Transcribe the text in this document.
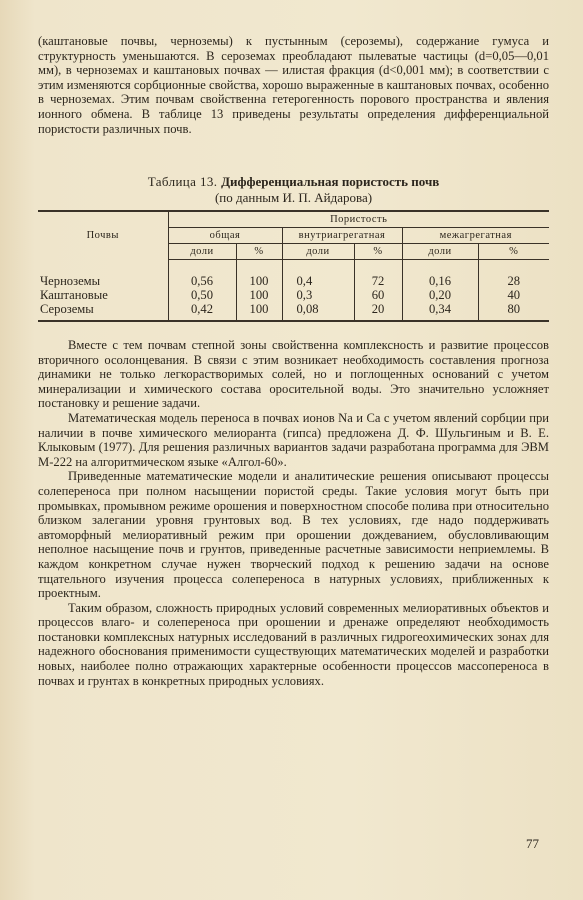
(каштановые почвы, черноземы) к пустынным (сероземы), содержание гумуса и структурность уменьшаются. В сероземах преобладают пылеватые частицы (d=0,05—0,01 мм), в черноземах и каштановых почвах — илистая фракция (d<0,001 мм); в соответствии с этим изменяются сорбционные свойства, хорошо выраженные в каштановых почвах, особенно в черноземах. Этим почвам свойственна гетерогенность порового пространства и явления ионного обмена. В таблице 13 приведены результаты определения дифференциальной пористости различных почв.

Таблица 13. Дифференциальная пористость почв
(по данным И. П. Айдарова)
Почвы	Пористость					
	общая		внутриагрегатная		межагрегатная	
	доли	%	доли	%	доли	%
Черноземы	0,56	100	0,4	72	0,16	28
Каштановые	0,50	100	0,3	60	0,20	40
Сероземы	0,42	100	0,08	20	0,34	80

Вместе с тем почвам степной зоны свойственна комплексность и развитие процессов вторичного осолонцевания. В связи с этим возникает необходимость составления прогноза динамики не только легкорастворимых солей, но и поглощенных оснований с учетом минерализации и химического состава оросительной воды. Это значительно усложняет постановку и решение задачи.

Математическая модель переноса в почвах ионов Na и Ca с учетом явлений сорбции при наличии в почве химического мелиоранта (гипса) предложена Д. Ф. Шульгиным и В. Е. Клыковым (1977). Для решения различных вариантов задачи разработана программа для ЭВМ М-222 на алгоритмическом языке «Алгол-60».

Приведенные математические модели и аналитические решения описывают процессы солепереноса при полном насыщении пористой среды. Такие условия могут быть при промывках, промывном режиме орошения и поверхностном способе полива при относительно близком залегании уровня грунтовых вод. В тех условиях, где надо поддерживать автоморфный мелиоративный режим при орошении дождеванием, обусловливающим неполное насыщение почв и грунтов, приведенные расчетные зависимости неприемлемы. В каждом конкретном случае нужен творческий подход к решению задачи на основе тщательного изучения процесса солепереноса в натурных условиях, приближенных к проектным.

Таким образом, сложность природных условий современных мелиоративных объектов и процессов влаго- и солепереноса при орошении и дренаже определяют необходимость постановки комплексных натурных исследований в различных гидрогеохимических зонах для надежного обоснования применимости существующих математических моделей и разработки новых, наиболее полно отражающих характерные особенности процессов массопереноса в почвах и грунтах в конкретных природных условиях.

77
